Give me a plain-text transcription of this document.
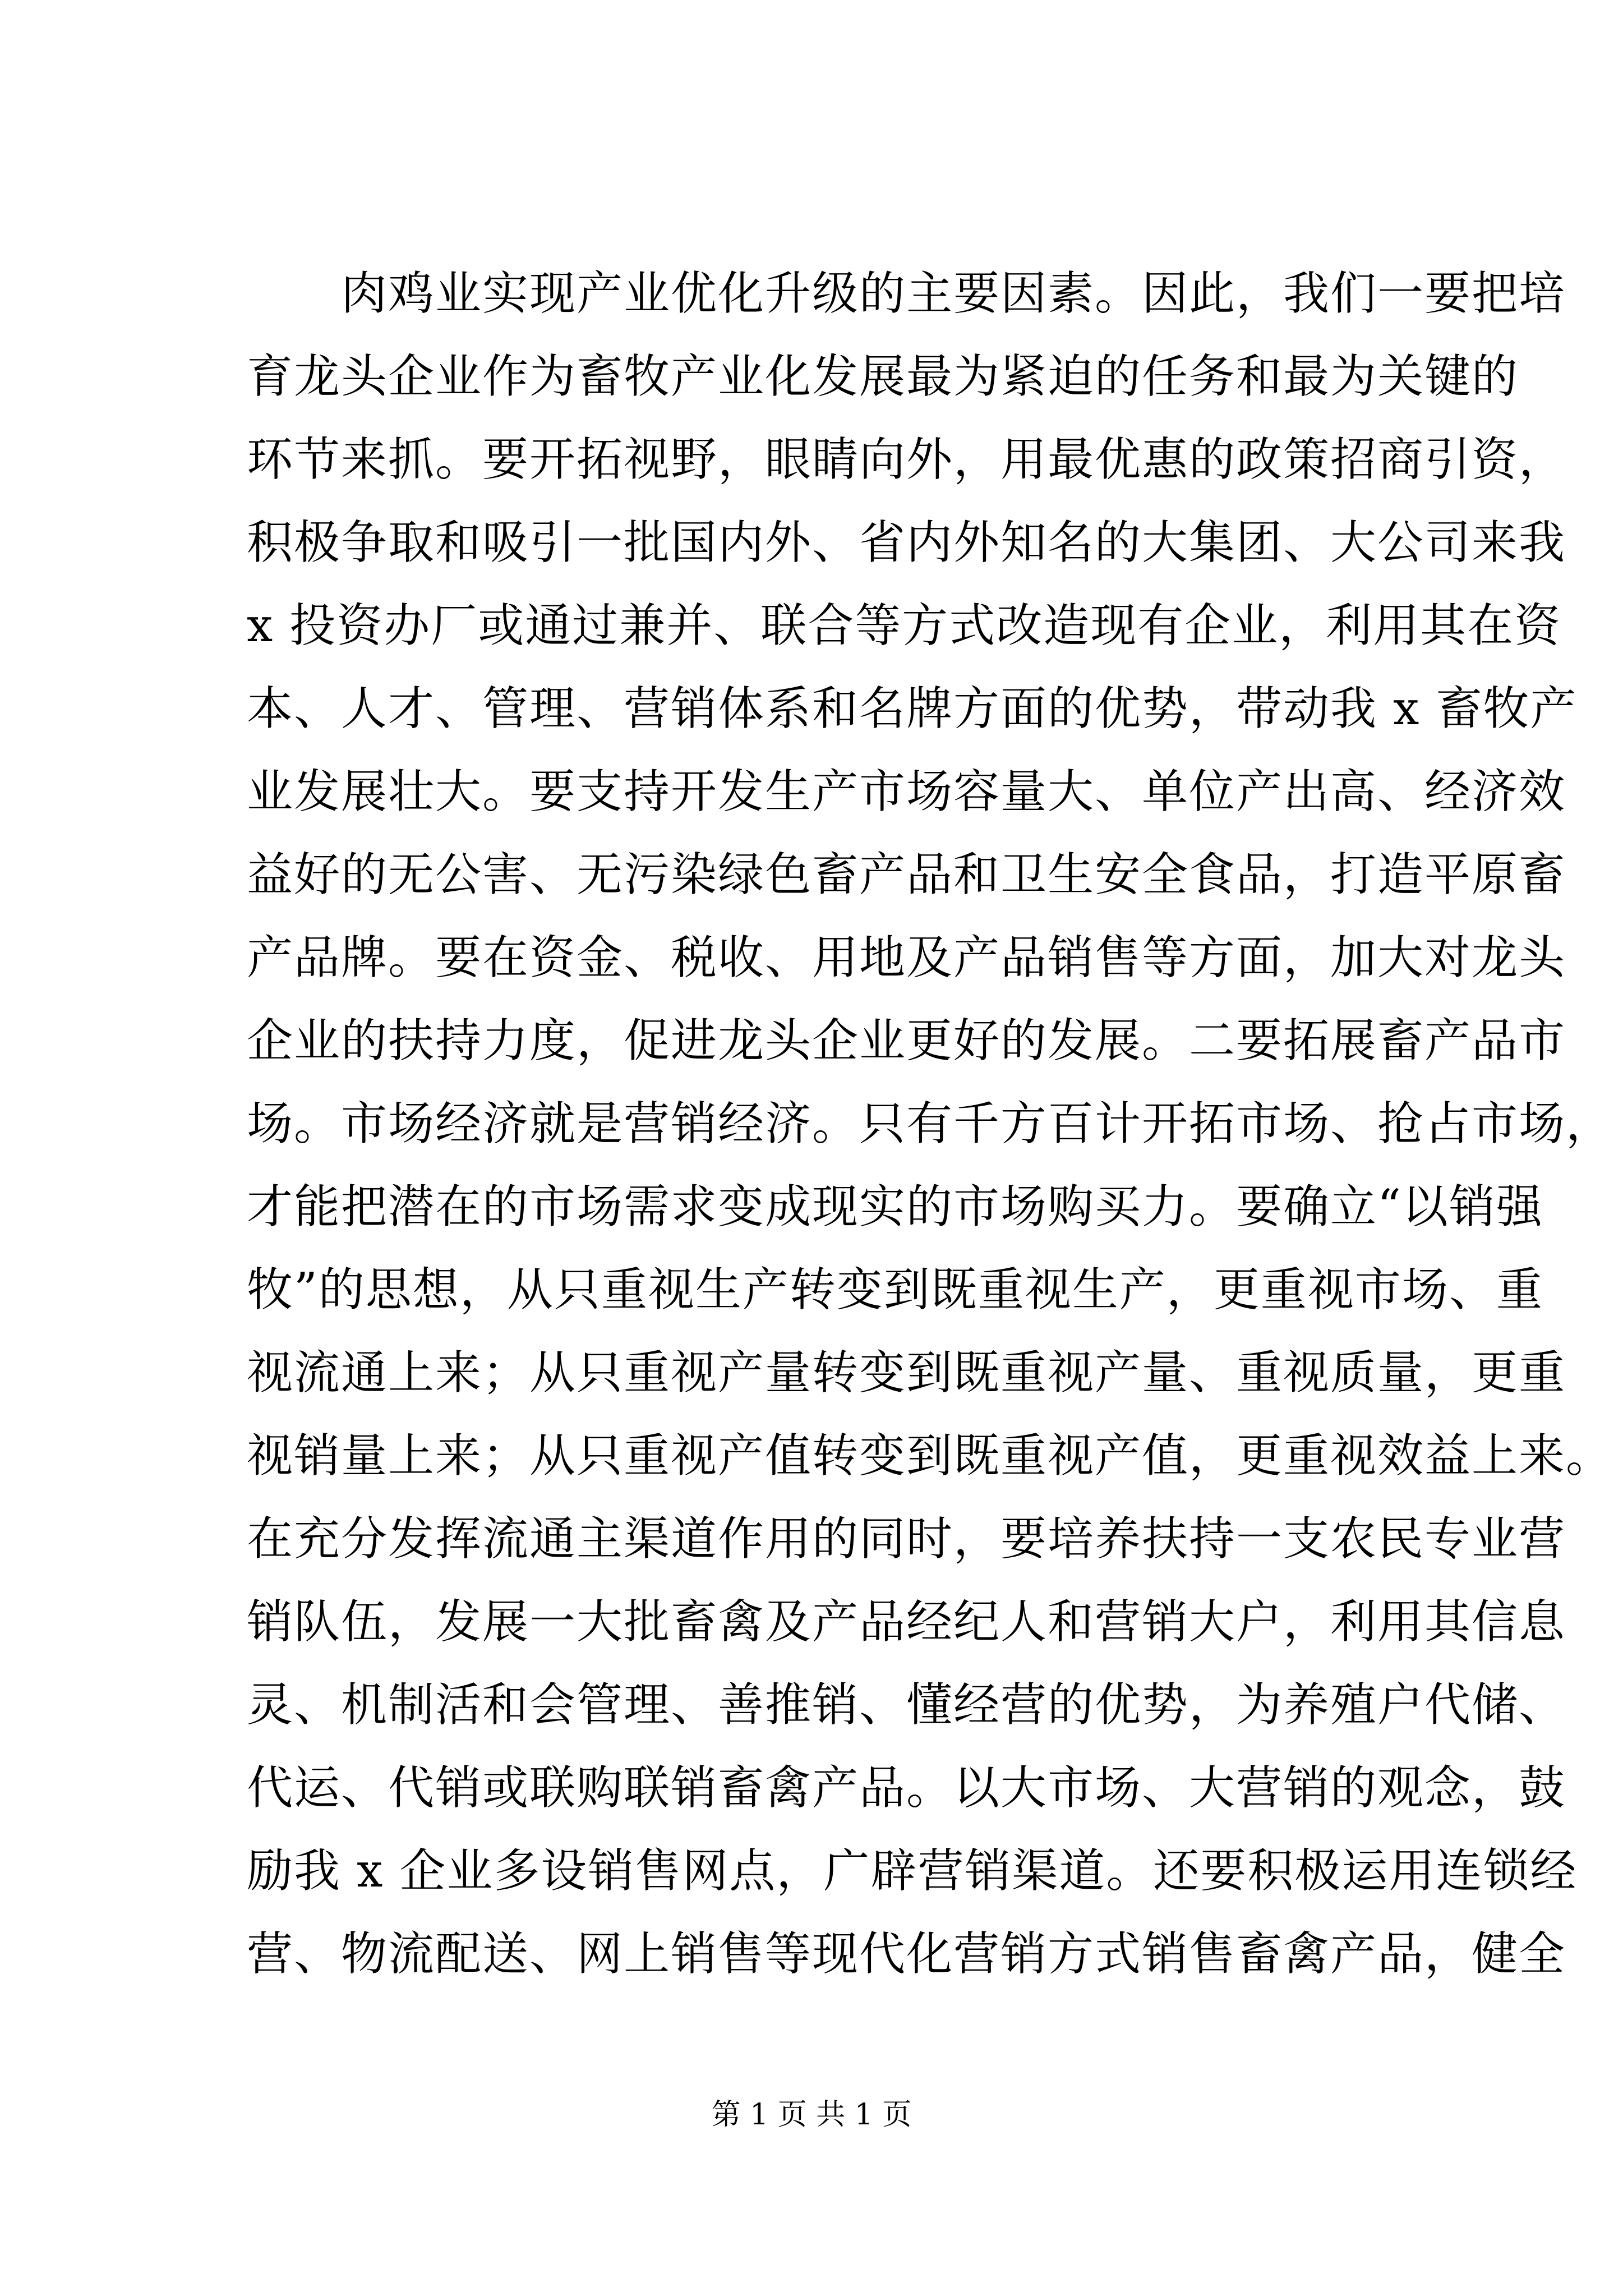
肉鸡业实现产业优化升级的主要因素。因此，我们一要把培
育龙头企业作为畜牧产业化发展最为紧迫的任务和最为关键的
环节来抓。要开拓视野，眼睛向外，用最优惠的政策招商引资，
积极争取和吸引一批国内外、省内外知名的大集团、大公司来我
x 投资办厂或通过兼并、联合等方式改造现有企业，利用其在资
本、人才、管理、营销体系和名牌方面的优势，带动我 x 畜牧产
业发展壮大。要支持开发生产市场容量大、单位产出高、经济效
益好的无公害、无污染绿色畜产品和卫生安全食品，打造平原畜
产品牌。要在资金、税收、用地及产品销售等方面，加大对龙头
企业的扶持力度，促进龙头企业更好的发展。二要拓展畜产品市
场。市场经济就是营销经济。只有千方百计开拓市场、抢占市场，
才能把潜在的市场需求变成现实的市场购买力。要确立“以销强
牧”的思想，从只重视生产转变到既重视生产，更重视市场、重
视流通上来；从只重视产量转变到既重视产量、重视质量，更重
视销量上来；从只重视产值转变到既重视产值，更重视效益上来。
在充分发挥流通主渠道作用的同时，要培养扶持一支农民专业营
销队伍，发展一大批畜禽及产品经纪人和营销大户，利用其信息
灵、机制活和会管理、善推销、懂经营的优势，为养殖户代储、
代运、代销或联购联销畜禽产品。以大市场、大营销的观念，鼓
励我 x 企业多设销售网点，广辟营销渠道。还要积极运用连锁经
营、物流配送、网上销售等现代化营销方式销售畜禽产品，健全
第 1 页 共 1 页
